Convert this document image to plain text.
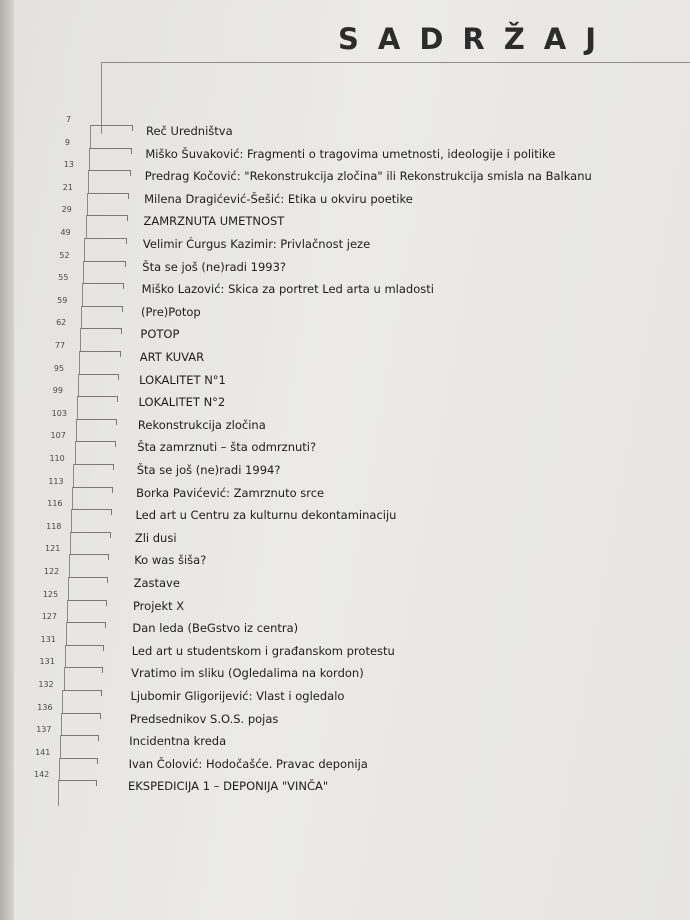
SADRŽAJ
7
Reč Uredništva
9
Miško Šuvaković: Fragmenti o tragovima umetnosti, ideologije i politike
13
Predrag Kočović: "Rekonstrukcija zločina" ili Rekonstrukcija smisla na Balkanu
21
Milena Dragićević-Šešić: Etika u okviru poetike
29
ZAMRZNUTA UMETNOST
49
Velimir Ćurgus Kazimir: Privlačnost jeze
52
Šta se još (ne)radi 1993?
55
Miško Lazović: Skica za portret Led arta u mladosti
59
(Pre)Potop
62
POTOP
77
ART KUVAR
95
LOKALITET N°1
99
LOKALITET N°2
103
Rekonstrukcija zločina
107
Šta zamrznuti – šta odmrznuti?
110
Šta se još (ne)radi 1994?
113
Borka Pavićević: Zamrznuto srce
116
Led art u Centru za kulturnu dekontaminaciju
118
Zli dusi
121
Ko was šiša?
122
Zastave
125
Projekt X
127
Dan leda (BeGstvo iz centra)
131
Led art u studentskom i građanskom protestu
131
Vratimo im sliku (Ogledalima na kordon)
132
Ljubomir Gligorijević: Vlast i ogledalo
136
Predsednikov S.O.S. pojas
137
Incidentna kreda
141
Ivan Čolović: Hodočašće. Pravac deponija
142
EKSPEDICIJA 1 – DEPONIJA "VINČA"
